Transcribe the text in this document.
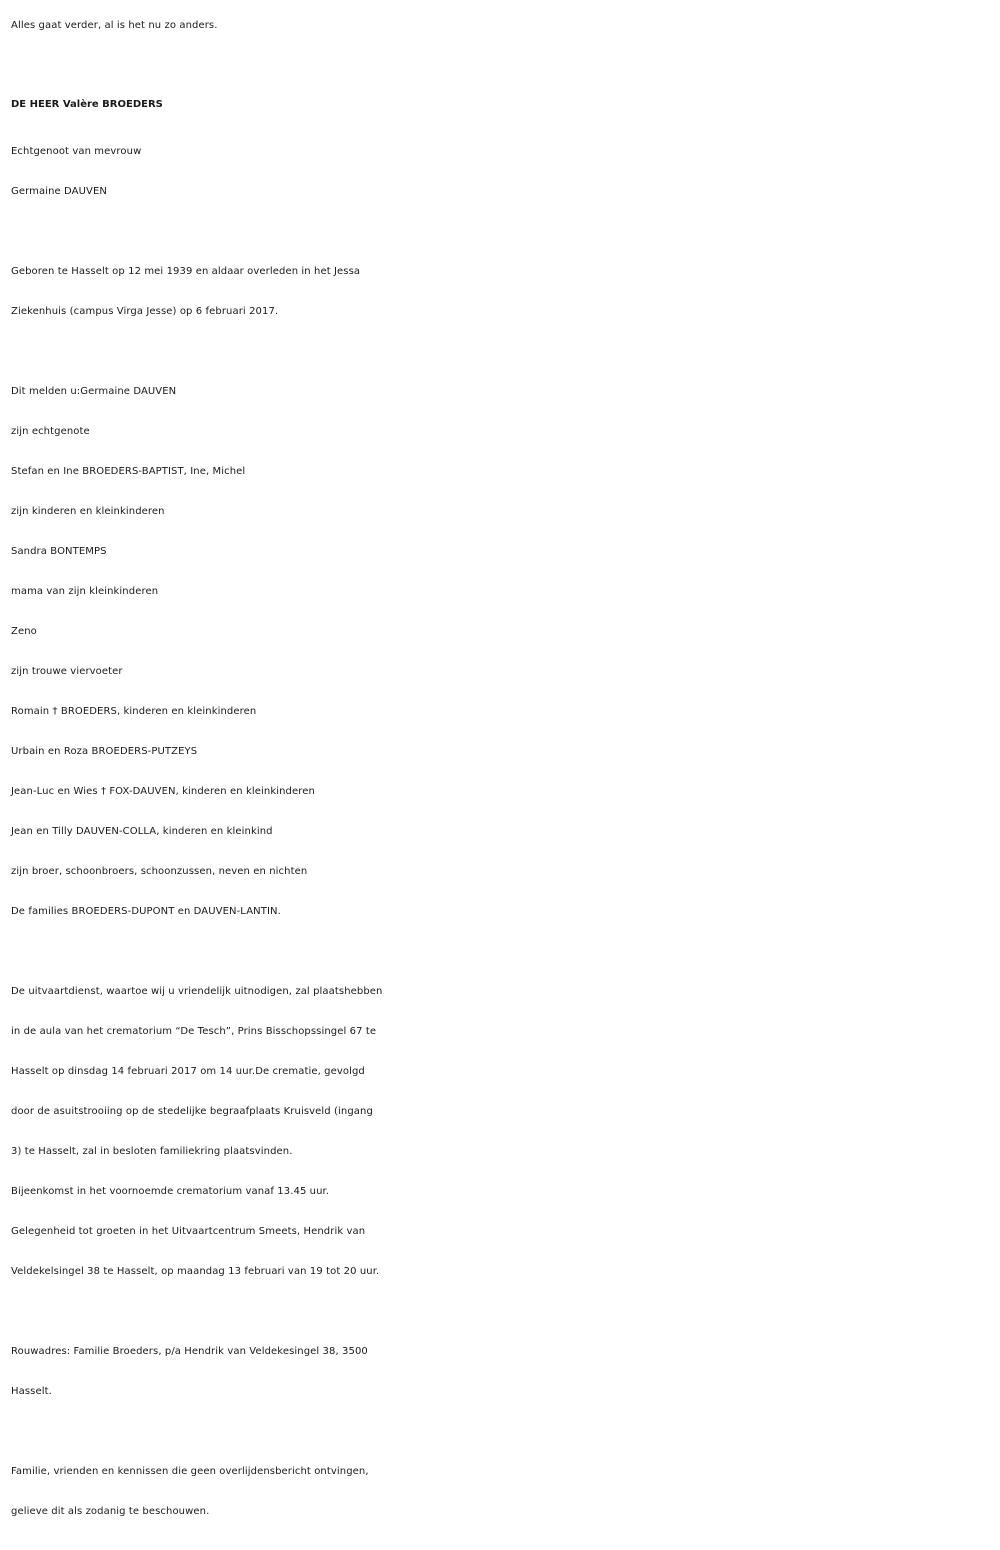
Alles gaat verder, al is het nu zo anders.
DE HEER Valère BROEDERS
Echtgenoot van mevrouw
Germaine DAUVEN
Geboren te Hasselt op 12 mei 1939 en aldaar overleden in het Jessa
Ziekenhuis (campus Virga Jesse) op 6 februari 2017.
Dit melden u:Germaine DAUVEN
zijn echtgenote
Stefan en Ine BROEDERS-BAPTIST, Ine, Michel
zijn kinderen en kleinkinderen
Sandra BONTEMPS
mama van zijn kleinkinderen
Zeno
zijn trouwe viervoeter
Romain † BROEDERS, kinderen en kleinkinderen
Urbain en Roza BROEDERS-PUTZEYS
Jean-Luc en Wies † FOX-DAUVEN, kinderen en kleinkinderen
Jean en Tilly DAUVEN-COLLA, kinderen en kleinkind
zijn broer, schoonbroers, schoonzussen, neven en nichten
De families BROEDERS-DUPONT en DAUVEN-LANTIN.
De uitvaartdienst, waartoe wij u vriendelijk uitnodigen, zal plaatshebben
in de aula van het crematorium “De Tesch”, Prins Bisschopssingel 67 te
Hasselt op dinsdag 14 februari 2017 om 14 uur.De crematie, gevolgd
door de asuitstrooiing op de stedelijke begraafplaats Kruisveld (ingang
3) te Hasselt, zal in besloten familiekring plaatsvinden.
Bijeenkomst in het voornoemde crematorium vanaf 13.45 uur.
Gelegenheid tot groeten in het Uitvaartcentrum Smeets, Hendrik van
Veldekelsingel 38 te Hasselt, op maandag 13 februari van 19 tot 20 uur.
Rouwadres: Familie Broeders, p/a Hendrik van Veldekesingel 38, 3500
Hasselt.
Familie, vrienden en kennissen die geen overlijdensbericht ontvingen,
gelieve dit als zodanig te beschouwen.
